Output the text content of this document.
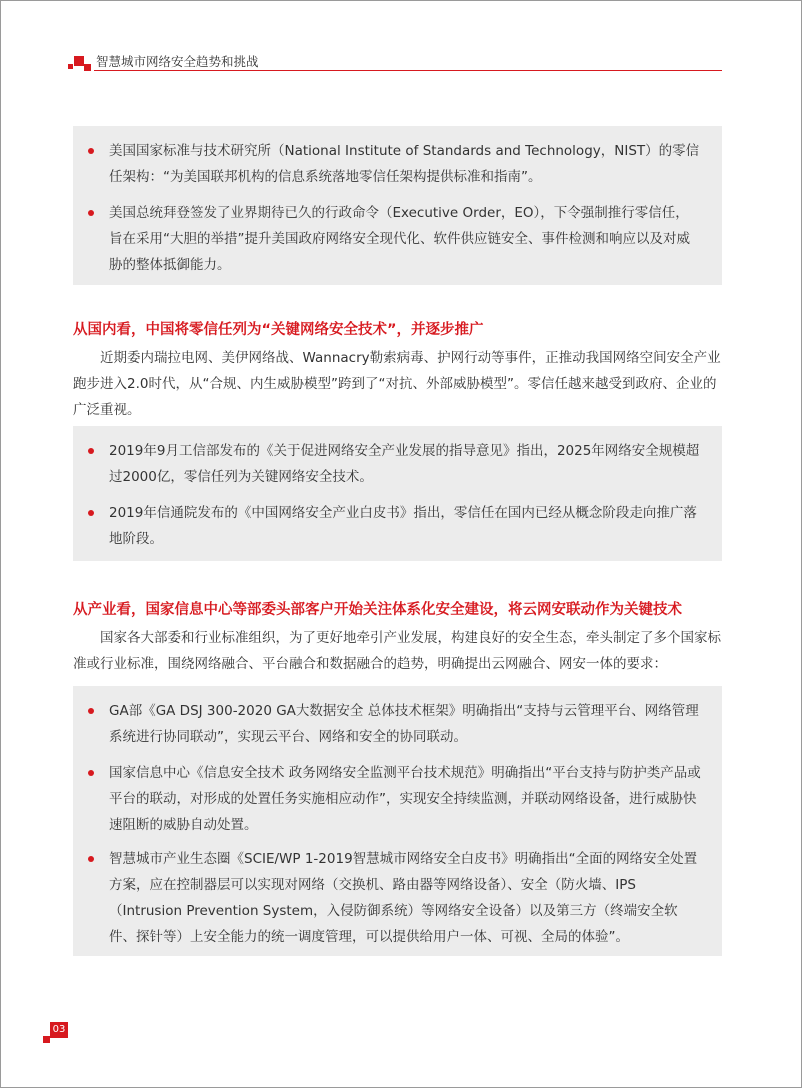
智慧城市网络安全趋势和挑战
美国国家标准与技术研究所（National Institute of Standards and Technology，NIST）的零信任架构：“为美国联邦机构的信息系统落地零信任架构提供标准和指南”。
美国总统拜登签发了业界期待已久的行政命令（Executive Order，EO），下令强制推行零信任，旨在采用“大胆的举措”提升美国政府网络安全现代化、软件供应链安全、事件检测和响应以及对威胁的整体抵御能力。
从国内看，中国将零信任列为“关键网络安全技术”，并逐步推广
近期委内瑞拉电网、美伊网络战、Wannacry勒索病毒、护网行动等事件，正推动我国网络空间安全产业跑步进入2.0时代，从“合规、内生威胁模型”跨到了“对抗、外部威胁模型”。零信任越来越受到政府、企业的广泛重视。
2019年9月工信部发布的《关于促进网络安全产业发展的指导意见》指出，2025年网络安全规模超过2000亿，零信任列为关键网络安全技术。
2019年信通院发布的《中国网络安全产业白皮书》指出，零信任在国内已经从概念阶段走向推广落地阶段。
从产业看，国家信息中心等部委头部客户开始关注体系化安全建设，将云网安联动作为关键技术
国家各大部委和行业标准组织，为了更好地牵引产业发展，构建良好的安全生态，牵头制定了多个国家标准或行业标准，围绕网络融合、平台融合和数据融合的趋势，明确提出云网融合、网安一体的要求：
GA部《GA DSJ 300-2020 GA大数据安全 总体技术框架》明确指出“支持与云管理平台、网络管理系统进行协同联动”，实现云平台、网络和安全的协同联动。
国家信息中心《信息安全技术 政务网络安全监测平台技术规范》明确指出“平台支持与防护类产品或平台的联动，对形成的处置任务实施相应动作”，实现安全持续监测，并联动网络设备，进行威胁快速阻断的威胁自动处置。
智慧城市产业生态圈《SCIE/WP 1-2019智慧城市网络安全白皮书》明确指出“全面的网络安全处置方案，应在控制器层可以实现对网络（交换机、路由器等网络设备）、安全（防火墙、IPS（Intrusion Prevention System，入侵防御系统）等网络安全设备）以及第三方（终端安全软件、探针等）上安全能力的统一调度管理，可以提供给用户一体、可视、全局的体验”。
03
